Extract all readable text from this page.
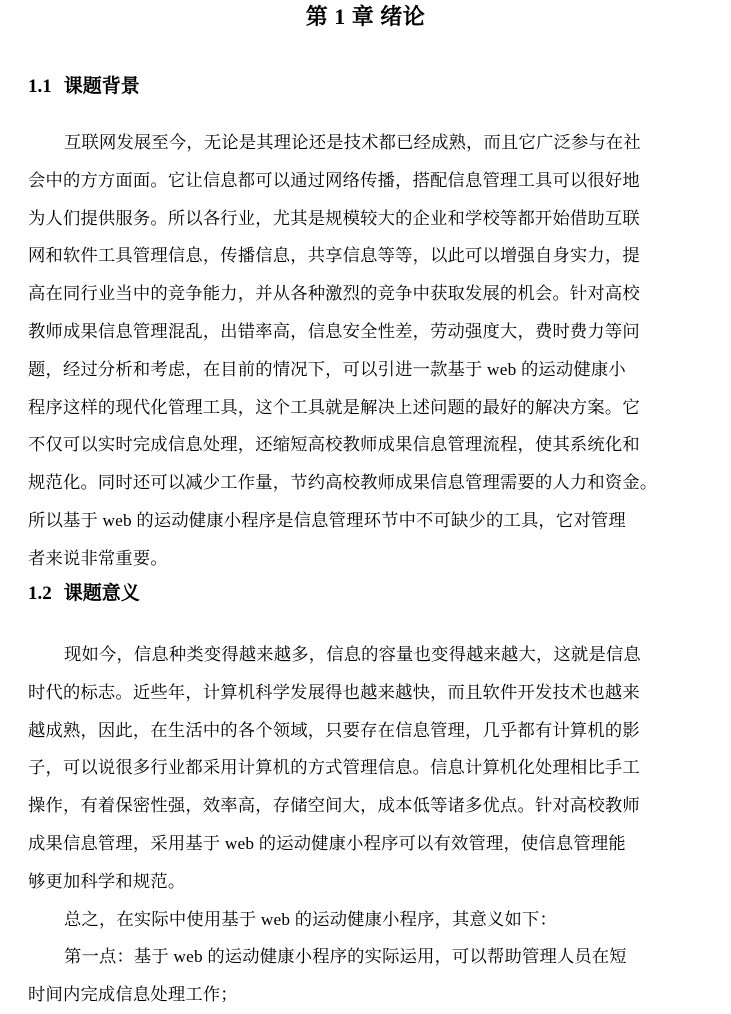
第 1 章 绪论
1.1 课题背景
互联网发展至今，无论是其理论还是技术都已经成熟，而且它广泛参与在社
会中的方方面面。它让信息都可以通过网络传播，搭配信息管理工具可以很好地
为人们提供服务。所以各行业，尤其是规模较大的企业和学校等都开始借助互联
网和软件工具管理信息，传播信息，共享信息等等，以此可以增强自身实力，提
高在同行业当中的竞争能力，并从各种激烈的竞争中获取发展的机会。针对高校
教师成果信息管理混乱，出错率高，信息安全性差，劳动强度大，费时费力等问
题，经过分析和考虑，在目前的情况下，可以引进一款基于 web 的运动健康小
程序这样的现代化管理工具，这个工具就是解决上述问题的最好的解决方案。它
不仅可以实时完成信息处理，还缩短高校教师成果信息管理流程，使其系统化和
规范化。同时还可以减少工作量，节约高校教师成果信息管理需要的人力和资金。
所以基于 web 的运动健康小程序是信息管理环节中不可缺少的工具，它对管理
者来说非常重要。
1.2 课题意义
现如今，信息种类变得越来越多，信息的容量也变得越来越大，这就是信息
时代的标志。近些年，计算机科学发展得也越来越快，而且软件开发技术也越来
越成熟，因此，在生活中的各个领域，只要存在信息管理，几乎都有计算机的影
子，可以说很多行业都采用计算机的方式管理信息。信息计算机化处理相比手工
操作，有着保密性强，效率高，存储空间大，成本低等诸多优点。针对高校教师
成果信息管理，采用基于 web 的运动健康小程序可以有效管理，使信息管理能
够更加科学和规范。
总之，在实际中使用基于 web 的运动健康小程序，其意义如下：
第一点：基于 web 的运动健康小程序的实际运用，可以帮助管理人员在短
时间内完成信息处理工作；
